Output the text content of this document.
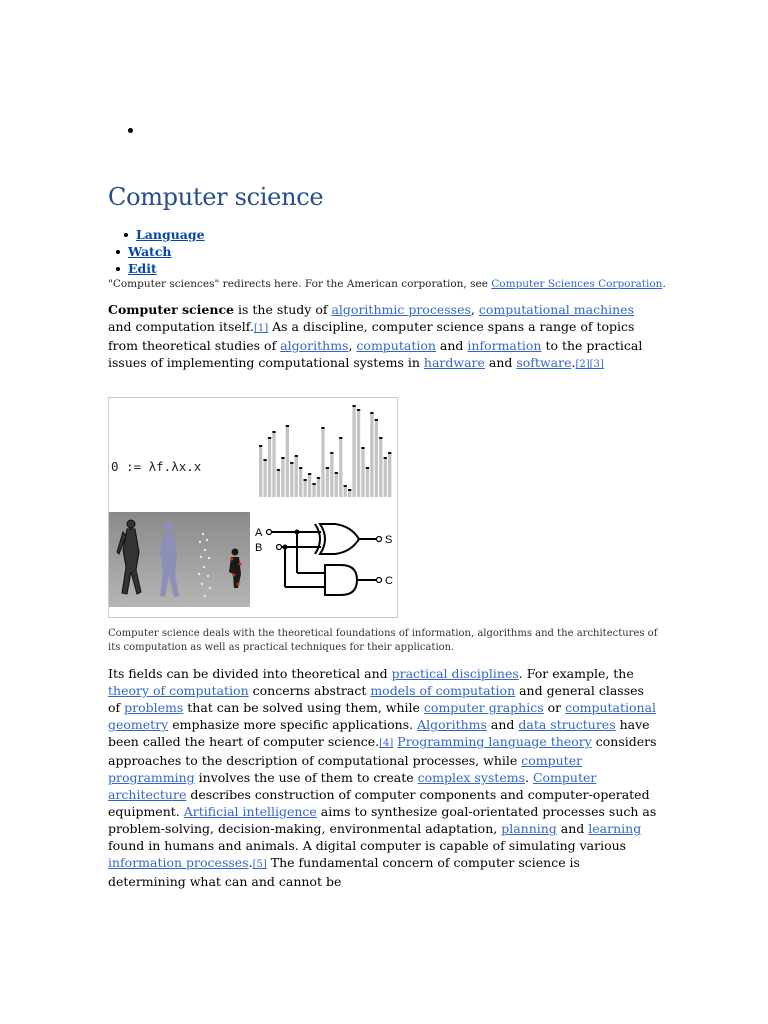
Computer science
Language
Watch
Edit
"Computer sciences" redirects here. For the American corporation, see Computer Sciences Corporation.

Computer science is the study of algorithmic processes, computational machines and computation itself.[1] As a discipline, computer science spans a range of topics from theoretical studies of algorithms, computation and information to the practical issues of implementing computational systems in hardware and software.[2][3]

0 := λf.λx.x

A
B
S
C
Computer science deals with the theoretical foundations of information, algorithms and the architectures of its computation as well as practical techniques for their application.

Its fields can be divided into theoretical and practical disciplines. For example, the theory of computation concerns abstract models of computation and general classes of problems that can be solved using them, while computer graphics or computational geometry emphasize more specific applications. Algorithms and data structures have been called the heart of computer science.[4] Programming language theory considers approaches to the description of computational processes, while computer programming involves the use of them to create complex systems. Computer architecture describes construction of computer components and computer-operated equipment. Artificial intelligence aims to synthesize goal-orientated processes such as problem-solving, decision-making, environmental adaptation, planning and learning found in humans and animals. A digital computer is capable of simulating various information processes.[5] The fundamental concern of computer science is determining what can and cannot be
